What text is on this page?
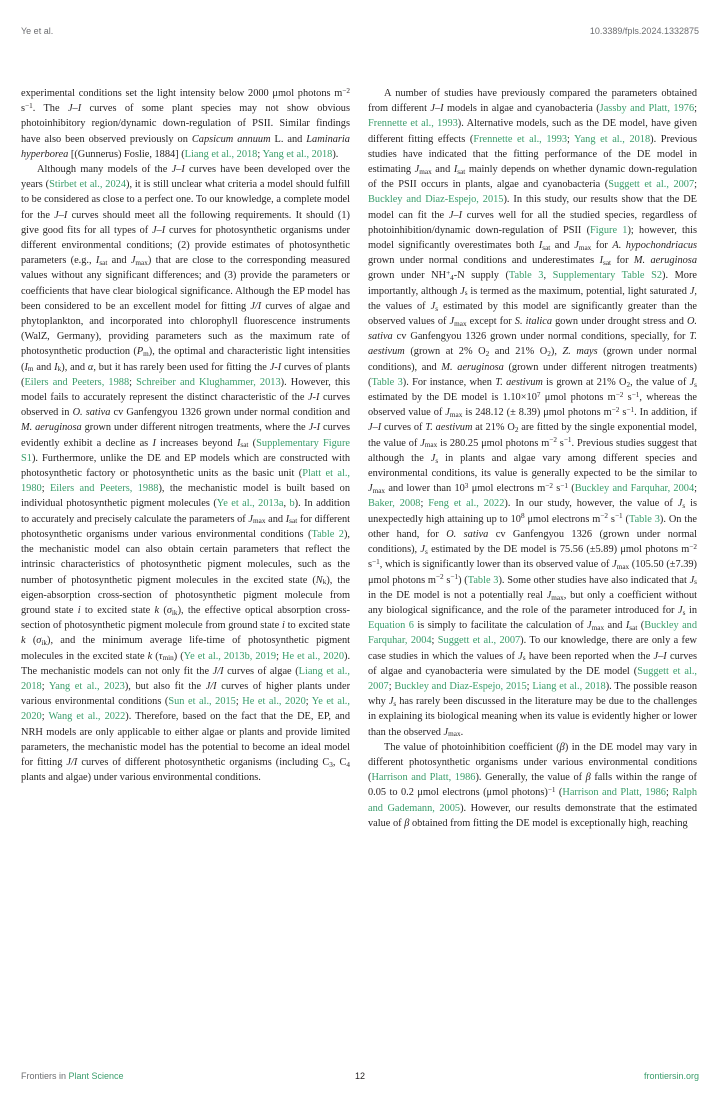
Ye et al.	10.3389/fpls.2024.1332875

experimental conditions set the light intensity below 2000 μmol photons $m^{-2}$ $s^{-1}$. The J–I curves of some plant species may not show obvious photoinhibitory region/dynamic down-regulation of PSII. Similar findings have also been observed previously on Capsicum annuum L. and Laminaria hyperborea [(Gunnerus) Foslie, 1884] (Liang et al., 2018; Yang et al., 2018).

Although many models of the J–I curves have been developed over the years (Stirbet et al., 2024), it is still unclear what criteria a model should fulfill to be considered as close to a perfect one. To our knowledge, a complete model for the J–I curves should meet all the following requirements. It should (1) give good fits for all types of J–I curves for photosynthetic organisms under different environmental conditions; (2) provide estimates of photosynthetic parameters (e.g., $I_{sat}$ and $J_{max}$) that are close to the corresponding measured values without any significant differences; and (3) provide the parameters or coefficients that have clear biological significance. Although the EP model has been considered to be an excellent model for fitting J/I curves of algae and phytoplankton, and incorporated into chlorophyll fluorescence instruments (WalZ, Germany), providing parameters such as the maximum rate of photosynthetic production $(P_m)$, the optimal and characteristic light intensities ($I_m$ and $I_k$), and α, but it has rarely been used for fitting the J-I curves of plants (Eilers and Peeters, 1988; Schreiber and Klughammer, 2013). However, this model fails to accurately represent the distinct characteristic of the J-I curves observed in O. sativa cv Ganfengyou 1326 grown under normal condition and M. aeruginosa grown under different nitrogen treatments, where the J-I curves evidently exhibit a decline as I increases beyond $I_{sat}$ (Supplementary Figure S1). Furthermore, unlike the DE and EP models which are constructed with photosynthetic factory or photosynthetic units as the basic unit (Platt et al., 1980; Eilers and Peeters, 1988), the mechanistic model is built based on individual photosynthetic pigment molecules (Ye et al., 2013a, b). In addition to accurately and precisely calculate the parameters of $J_{max}$ and $I_{sat}$ for different photosynthetic organisms under various environmental conditions (Table 2), the mechanistic model can also obtain certain parameters that reflect the intrinsic characteristics of photosynthetic pigment molecules, such as the number of photosynthetic pigment molecules in the excited state $(N_k)$, the eigen-absorption cross-section of photosynthetic pigment molecule from ground state i to excited state k $(\sigma_{ik})$, the effective optical absorption cross-section of photosynthetic pigment molecule from ground state i to excited state k $(\sigma_{ik})$, and the minimum average life-time of photosynthetic pigment molecules in the excited state k $(\tau_{min})$ (Ye et al., 2013b, 2019; He et al., 2020). The mechanistic models can not only fit the J/I curves of algae (Liang et al., 2018; Yang et al., 2023), but also fit the J/I curves of higher plants under various environmental conditions (Sun et al., 2015; He et al., 2020; Ye et al., 2020; Wang et al., 2022). Therefore, based on the fact that the DE, EP, and NRH models are only applicable to either algae or plants and provide limited parameters, the mechanistic model has the potential to become an ideal model for fitting J/I curves of different photosynthetic organisms (including $C_3$, $C_4$ plants and algae) under various environmental conditions.

A number of studies have previously compared the parameters obtained from different J–I models in algae and cyanobacteria (Jassby and Platt, 1976; Frennette et al., 1993). Alternative models, such as the DE model, have given different fitting effects (Frennette et al., 1993; Yang et al., 2018). Previous studies have indicated that the fitting performance of the DE model in estimating $J_{max}$ and $I_{sat}$ mainly depends on whether dynamic down-regulation of the PSII occurs in plants, algae and cyanobacteria (Suggett et al., 2007; Buckley and Diaz-Espejo, 2015). In this study, our results show that the DE model can fit the J–I curves well for all the studied species, regardless of photoinhibition/dynamic down-regulation of PSII (Figure 1); however, this model significantly overestimates both $I_{sat}$ and $J_{max}$ for A. hypochondriacus grown under normal conditions and underestimates $I_{sat}$ for M. aeruginosa grown under $NH^+_4-N$ supply (Table 3, Supplementary Table S2). More importantly, although $J_s$ is termed as the maximum, potential, light saturated J, the values of $J_s$ estimated by this model are significantly greater than the observed values of $J_{max}$ except for S. italica gown under drought stress and O. sativa cv Ganfengyou 1326 grown under normal conditions, specially, for T. aestivum (grown at 2% $O_2$ and 21% $O_2$), Z. mays (grown under normal conditions), and M. aeruginosa (grown under different nitrogen treatments) (Table 3). For instance, when T. aestivum is grown at 21% $O_2$, the value of $J_s$ estimated by the DE model is $1.10\times 10^7$ μmol photons $m^{-2}$ $s^{-1}$, whereas the observed value of $J_{max}$ is 248.12 (± 8.39) μmol photons $m^{-2}$ $s^{-1}$. In addition, if J–I curves of T. aestivum at 21% $O_2$ are fitted by the single exponential model, the value of $J_{max}$ is 280.25 μmol photons $m^{-2}$ $s^{-1}$. Previous studies suggest that although the $J_s$ in plants and algae vary among different species and environmental conditions, its value is generally expected to be the similar to $J_{max}$ and lower than $10^3$ μmol electrons $m^{-2}$ $s^{-1}$ (Buckley and Farquhar, 2004; Baker, 2008; Feng et al., 2022). In our study, however, the value of $J_s$ is unexpectedly high attaining up to $10^8$ μmol electrons $m^{-2}$ $s^{-1}$ (Table 3). On the other hand, for O. sativa cv Ganfengyou 1326 (grown under normal conditions), $J_s$ estimated by the DE model is 75.56 (±5.89) μmol photons $m^{-2}$ $s^{-1}$, which is significantly lower than its observed value of $J_{max}$ (105.50 (±7.39) μmol photons $m^{-2}$ $s^{-1}$) (Table 3). Some other studies have also indicated that $J_s$ in the DE model is not a potentially real $J_{max}$, but only a coefficient without any biological significance, and the role of the parameter introduced for $J_s$ in Equation 6 is simply to facilitate the calculation of $J_{max}$ and $I_{sat}$ (Buckley and Farquhar, 2004; Suggett et al., 2007). To our knowledge, there are only a few case studies in which the values of $J_s$ have been reported when the J–I curves of algae and cyanobacteria were simulated by the DE model (Suggett et al., 2007; Buckley and Diaz-Espejo, 2015; Liang et al., 2018). The possible reason why $J_s$ has rarely been discussed in the literature may be due to the challenges in explaining its biological meaning when its value is evidently higher or lower than the observed $J_{max}$.

The value of photoinhibition coefficient (β) in the DE model may vary in different photosynthetic organisms under various environmental conditions (Harrison and Platt, 1986). Generally, the value of β falls within the range of 0.05 to 0.2 μmol electrons (μmol photons)$^{-1}$ (Harrison and Platt, 1986; Ralph and Gademann, 2005). However, our results demonstrate that the estimated value of β obtained from fitting the DE model is exceptionally high, reaching

Frontiers in Plant Science	12	frontiersin.org
